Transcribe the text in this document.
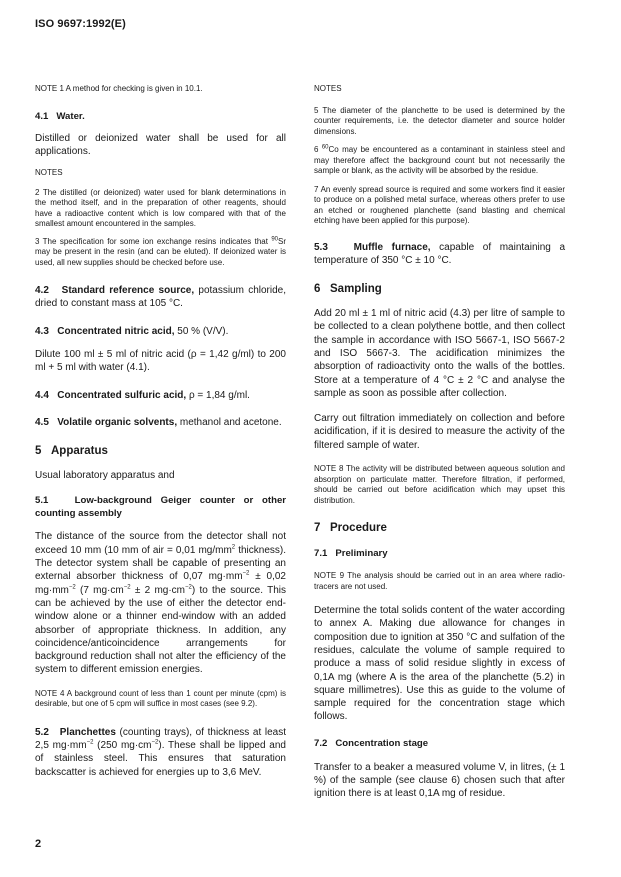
ISO 9697:1992(E)

NOTE 1 A method for checking is given in 10.1.

4.1 Water.

Distilled or deionized water shall be used for all applications.

NOTES

2 The distilled (or deionized) water used for blank determinations in the method itself, and in the preparation of other reagents, should have a radioactive content which is low compared with that of the smallest amount encountered in the samples.

3 The specification for some ion exchange resins indicates that $^{90}$Sr may be present in the resin (and can be eluted). If deionized water is used, all new supplies should be checked before use.

4.2 Standard reference source, potassium chloride, dried to constant mass at 105 °C.

4.3 Concentrated nitric acid, 50 % (V/V).

Dilute 100 ml ± 5 ml of nitric acid (ρ = 1,42 g/ml) to 200 ml + 5 ml with water (4.1).

4.4 Concentrated sulfuric acid, ρ = 1,84 g/ml.

4.5 Volatile organic solvents, methanol and acetone.

5 Apparatus

Usual laboratory apparatus and

5.1	Low-background Geiger counter or other counting assembly

The distance of the source from the detector shall not exceed 10 mm (10 mm of air = 0,01 $mg/mm^2$ thickness). The detector system shall be capable of presenting an external absorber thickness of 0,07 $mg\cdot mm^{-2} \pm 0,02$ $mg\cdot mm^{-2}$ (7 $mg\cdot cm^{-2} \pm 2$ $mg\cdot cm^{-2}$) to the source. This can be achieved by the use of either the detector end-window alone or a thinner end-window with an added absorber of appropriate thickness. In addition, any coincidence/anticoincidence arrangements for background reduction shall not alter the efficiency of the system to different emission energies.

NOTE 4 A background count of less than 1 count per minute (cpm) is desirable, but one of 5 cpm will suffice in most cases (see 9.2).

5.2 Planchettes (counting trays), of thickness at least 2,5 $mg\cdot mm^{-2}$ (250 $mg\cdot cm^{-2}$). These shall be lipped and of stainless steel. This ensures that saturation backscatter is achieved for energies up to 3,6 MeV.

NOTES

5 The diameter of the planchette to be used is determined by the counter requirements, i.e. the detector diameter and source holder dimensions.

6 $^{60}$Co may be encountered as a contaminant in stainless steel and may therefore affect the background count but not necessarily the sample or blank, as the activity will be absorbed by the residue.

7 An evenly spread source is required and some workers find it easier to produce on a polished metal surface, whereas others prefer to use an etched or roughened planchette (sand blasting and chemical etching have been applied for this purpose).

5.3	Muffle furnace, capable of maintaining a temperature of 350 °C ± 10 °C.

6 Sampling

Add 20 ml ± 1 ml of nitric acid (4.3) per litre of sample to be collected to a clean polythene bottle, and then collect the sample in accordance with ISO 5667-1, ISO 5667-2 and ISO 5667-3. The acidification minimizes the absorption of radioactivity onto the walls of the bottles. Store at a temperature of 4 °C ± 2 °C and analyse the sample as soon as possible after collection.

Carry out filtration immediately on collection and before acidification, if it is desired to measure the activity of the filtered sample of water.

NOTE 8 The activity will be distributed between aqueous solution and absorption on particulate matter. Therefore filtration, if performed, should be carried out before acidification which may upset this distribution.

7 Procedure

7.1 Preliminary

NOTE 9 The analysis should be carried out in an area where radio-tracers are not used.

Determine the total solids content of the water according to annex A. Making due allowance for changes in composition due to ignition at 350 °C and sulfation of the residues, calculate the volume of sample required to produce a mass of solid residue slightly in excess of 0,1A mg (where A is the area of the planchette (5.2) in square millimetres). Use this as guide to the volume of sample required for the concentration stage which follows.

7.2 Concentration stage

Transfer to a beaker a measured volume V, in litres, (± 1 %) of the sample (see clause 6) chosen such that after ignition there is at least 0,1A mg of residue.

2
